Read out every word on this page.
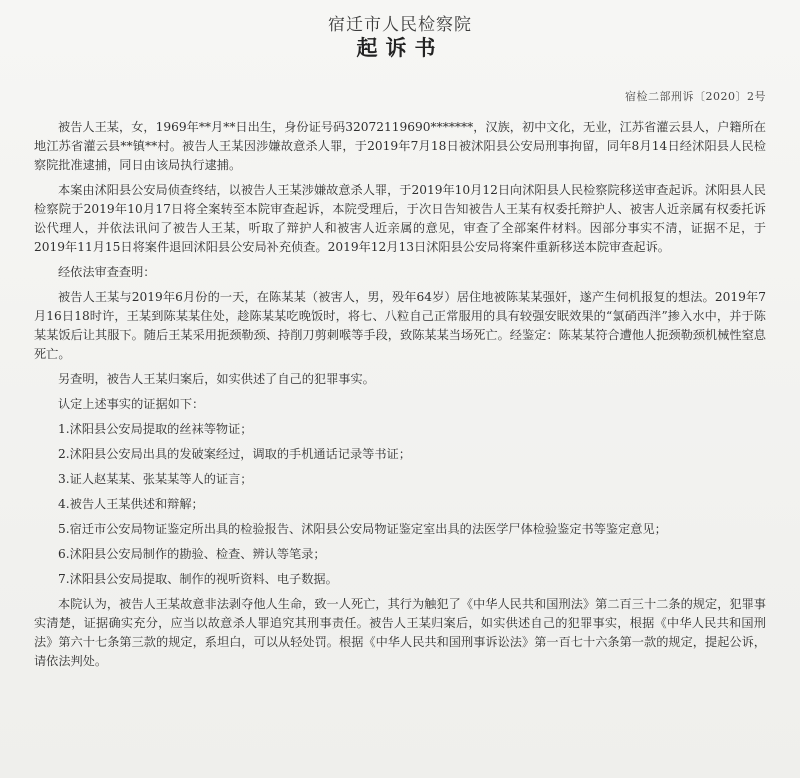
宿迁市人民检察院
起诉书
宿检二部刑诉〔2020〕2号

被告人王某，女，1969年**月**日出生，身份证号码32072119690*******，汉族，初中文化，无业，江苏省灌云县人，户籍所在地江苏省灌云县**镇**村。被告人王某因涉嫌故意杀人罪，于2019年7月18日被沭阳县公安局刑事拘留，同年8月14日经沭阳县人民检察院批准逮捕，同日由该局执行逮捕。

本案由沭阳县公安局侦查终结，以被告人王某涉嫌故意杀人罪，于2019年10月12日向沭阳县人民检察院移送审查起诉。沭阳县人民检察院于2019年10月17日将全案转至本院审查起诉，本院受理后，于次日告知被告人王某有权委托辩护人、被害人近亲属有权委托诉讼代理人，并依法讯问了被告人王某，听取了辩护人和被害人近亲属的意见，审查了全部案件材料。因部分事实不清，证据不足，于2019年11月15日将案件退回沭阳县公安局补充侦查。2019年12月13日沭阳县公安局将案件重新移送本院审查起诉。

经依法审查查明：

被告人王某与2019年6月份的一天，在陈某某（被害人，男，殁年64岁）居住地被陈某某强奸，遂产生伺机报复的想法。2019年7月16日18时许，王某到陈某某住处，趁陈某某吃晚饭时，将七、八粒自己正常服用的具有较强安眠效果的“氯硝西泮”掺入水中，并于陈某某饭后让其服下。随后王某采用扼颈勒颈、持削刀剪刺喉等手段，致陈某某当场死亡。经鉴定：陈某某符合遭他人扼颈勒颈机械性窒息死亡。

另查明，被告人王某归案后，如实供述了自己的犯罪事实。

认定上述事实的证据如下：

1.沭阳县公安局提取的丝袜等物证；
2.沭阳县公安局出具的发破案经过，调取的手机通话记录等书证；
3.证人赵某某、张某某等人的证言；
4.被告人王某供述和辩解；
5.宿迁市公安局物证鉴定所出具的检验报告、沭阳县公安局物证鉴定室出具的法医学尸体检验鉴定书等鉴定意见；
6.沭阳县公安局制作的勘验、检查、辨认等笔录；
7.沭阳县公安局提取、制作的视听资料、电子数据。

本院认为，被告人王某故意非法剥夺他人生命，致一人死亡，其行为触犯了《中华人民共和国刑法》第二百三十二条的规定，犯罪事实清楚，证据确实充分，应当以故意杀人罪追究其刑事责任。被告人王某归案后，如实供述自己的犯罪事实，根据《中华人民共和国刑法》第六十七条第三款的规定，系坦白，可以从轻处罚。根据《中华人民共和国刑事诉讼法》第一百七十六条第一款的规定，提起公诉，请依法判处。
